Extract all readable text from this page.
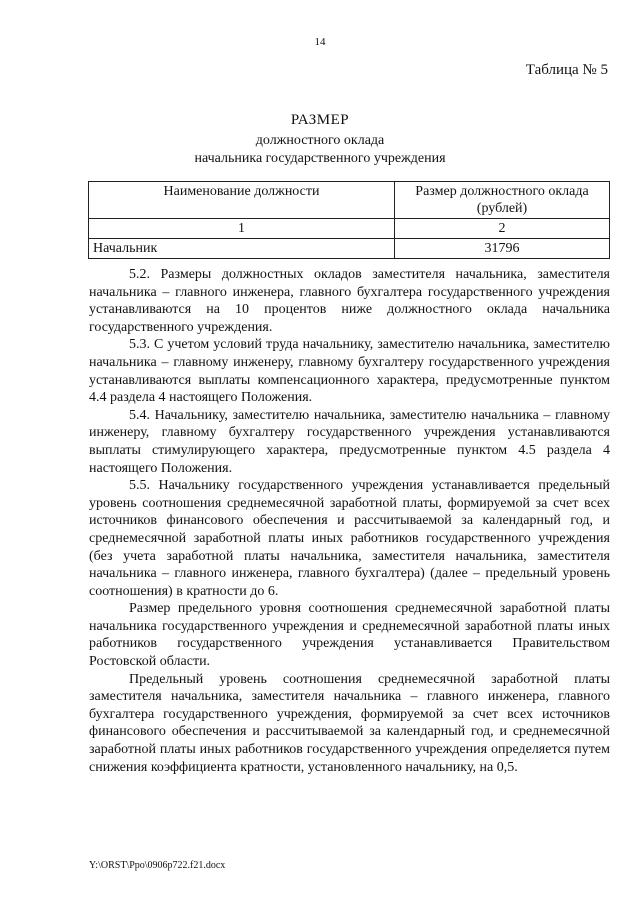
14
Таблица № 5
РАЗМЕР
должностного оклада
начальника государственного учреждения
Наименование должности	Размер должностного оклада (рублей)
1	2
Начальник	31796

5.2. Размеры должностных окладов заместителя начальника, заместителя начальника – главного инженера, главного бухгалтера государственного учреждения устанавливаются на 10 процентов ниже должностного оклада начальника государственного учреждения.

5.3. С учетом условий труда начальнику, заместителю начальника, заместителю начальника – главному инженеру, главному бухгалтеру государственного учреждения устанавливаются выплаты компенсационного характера, предусмотренные пунктом 4.4 раздела 4 настоящего Положения.

5.4. Начальнику, заместителю начальника, заместителю начальника – главному инженеру, главному бухгалтеру государственного учреждения устанавливаются выплаты стимулирующего характера, предусмотренные пунктом 4.5 раздела 4 настоящего Положения.

5.5. Начальнику государственного учреждения устанавливается предельный уровень соотношения среднемесячной заработной платы, формируемой за счет всех источников финансового обеспечения и рассчитываемой за календарный год, и среднемесячной заработной платы иных работников государственного учреждения (без учета заработной платы начальника, заместителя начальника, заместителя начальника – главного инженера, главного бухгалтера) (далее – предельный уровень соотношения) в кратности до 6.

Размер предельного уровня соотношения среднемесячной заработной платы начальника государственного учреждения и среднемесячной заработной платы иных работников государственного учреждения устанавливается Правительством Ростовской области.

Предельный уровень соотношения среднемесячной заработной платы заместителя начальника, заместителя начальника – главного инженера, главного бухгалтера государственного учреждения, формируемой за счет всех источников финансового обеспечения и рассчитываемой за календарный год, и среднемесячной заработной платы иных работников государственного учреждения определяется путем снижения коэффициента кратности, установленного начальнику, на 0,5.

Y:\ORST\Ppo\0906p722.f21.docx
